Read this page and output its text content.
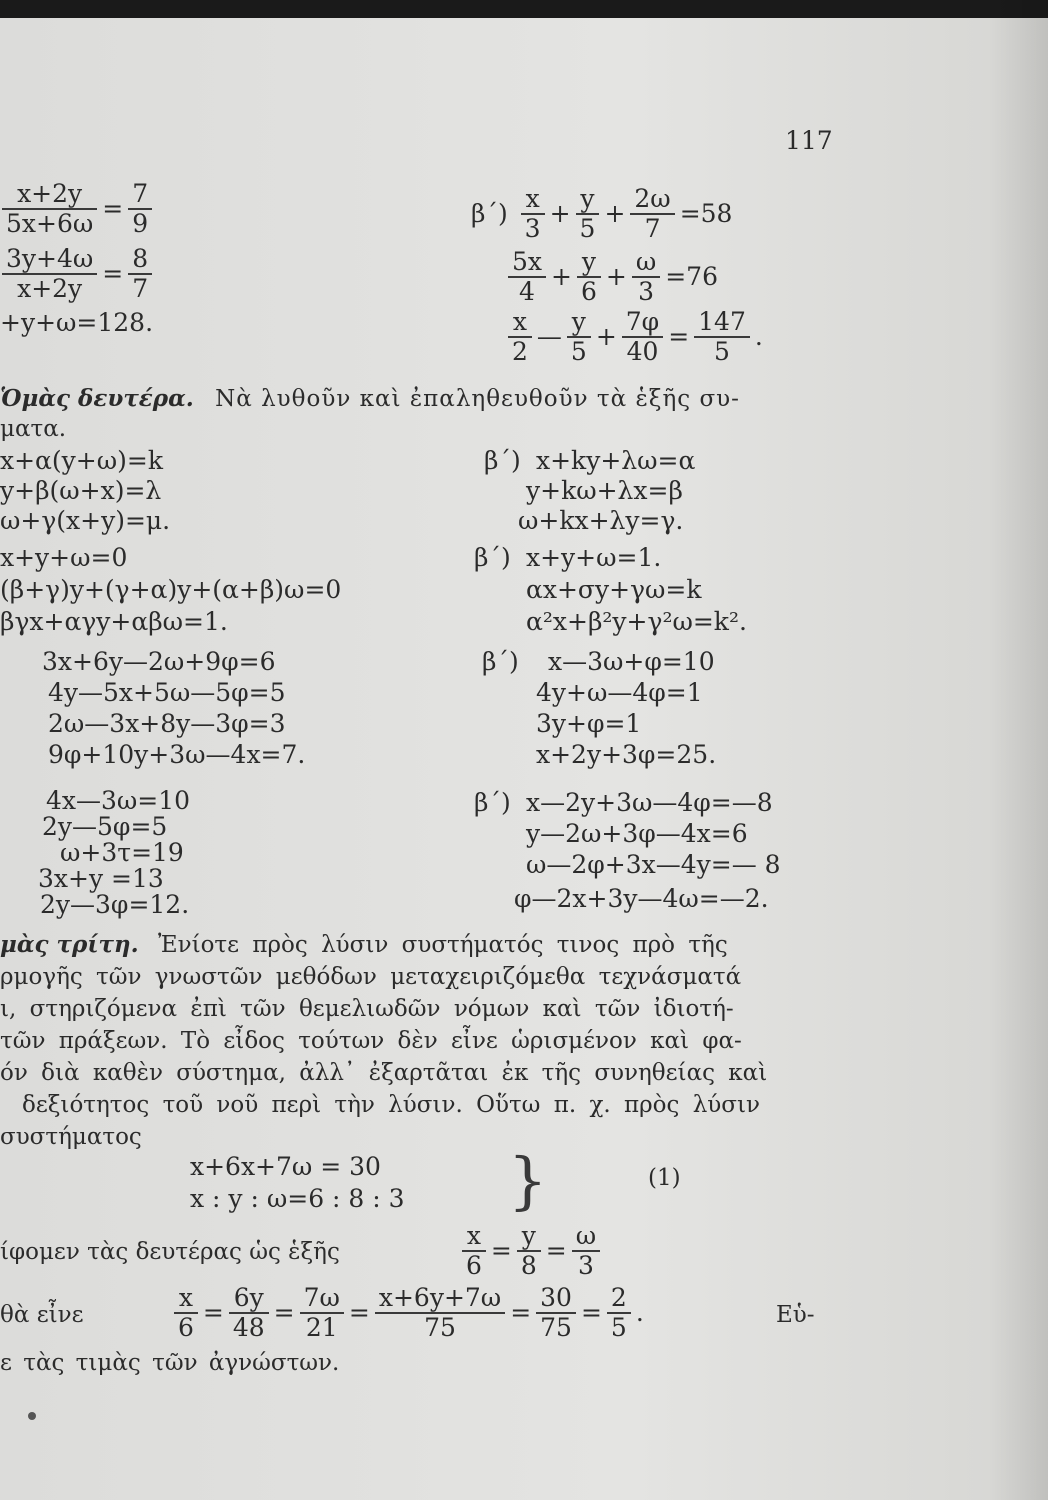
117
$\frac{x+2y}{5x+6\omega} = \frac{7}{9}$
$\frac{3y+4\omega}{x+2y} = \frac{8}{7}$
+y+ω=128.
$\beta΄) \frac{x}{3} + \frac{y}{5} + \frac{2\omega}{7} =58$
$\frac{5x}{4} + \frac{y}{6} + \frac{\omega}{3} =76$
$\frac{x}{2}$ — $\frac{y}{5} + \frac{7\varphi}{40} = \frac{147}{5}$ .
Ὁμὰς δευτέρα. Νὰ λυθοῦν καὶ ἐπαληθευθοῦν τὰ ἑξῆς συ-
ματα.
x+α(y+ω)=k
y+β(ω+x)=λ
ω+γ(x+y)=μ.
β΄) x+ky+λω=α
y+kω+λx=β
ω+kx+λy=γ.
x+y+ω=0
(β+γ)y+(γ+α)y+(α+β)ω=0
βγx+αγy+αβω=1.
β΄) x+y+ω=1.
αx+σy+γω=k
α²x+β²y+γ²ω=k².
3x+6y—2ω+9φ=6
4y—5x+5ω—5φ=5
2ω—3x+8y—3φ=3
9φ+10y+3ω—4x=7.
β΄) x—3ω+φ=10
4y+ω—4φ=1
3y+φ=1
x+2y+3φ=25.
4x—3ω=10
2y—5φ=5
ω+3τ=19
3x+y =13
2y—3φ=12.
β΄) x—2y+3ω—4φ=—8
y—2ω+3φ—4x=6
ω—2φ+3x—4y=— 8
φ—2x+3y—4ω=—2.
μὰς τρίτη. Ἐνίοτε πρὸς λύσιν συστήματός τινος πρὸ τῆς
ρμογῆς τῶν γνωστῶν μεθόδων μεταχειριζόμεθα τεχνάσματά
ι, στηριζόμενα ἐπὶ τῶν θεμελιωδῶν νόμων καὶ τῶν ἰδιοτή-
τῶν πράξεων. Τὸ εἶδος τούτων δὲν εἶνε ὡρισμένον καὶ φα-
όν διὰ καθὲν σύστημα, ἀλλ᾽ ἐξαρτᾶται ἐκ τῆς συνηθείας καὶ
δεξιότητος τοῦ νοῦ περὶ τὴν λύσιν. Οὕτω π. χ. πρὸς λύσιν
συστήματος
x+6x+7ω = 30
x : y : ω=6 : 8 : 3 }	(1)
ίφομεν τὰς δευτέρας ὡς ἑξῆς	$\frac{x}{6} = \frac{y}{8} = \frac{\omega}{3}$
θὰ εἶνε	$\frac{x}{6} = \frac{6y}{48} = \frac{7\omega}{21} = \frac{x+6y+7\omega}{75} = \frac{30}{75} = \frac{2}{5}$ .	Εὑ-
ε τὰς τιμὰς τῶν ἀγνώστων.
